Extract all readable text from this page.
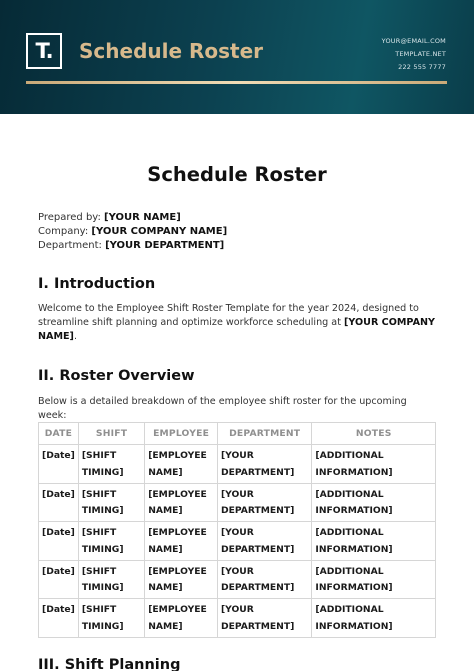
T. Schedule Roster	YOUR@EMAIL.COM
TEMPLATE.NET
222 555 7777
Schedule Roster
Prepared by: [YOUR NAME]
Company: [YOUR COMPANY NAME]
Department: [YOUR DEPARTMENT]
I. Introduction
Welcome to the Employee Shift Roster Template for the year 2024, designed to streamline shift planning and optimize workforce scheduling at [YOUR COMPANY NAME].
II. Roster Overview
Below is a detailed breakdown of the employee shift roster for the upcoming week:
DATE	SHIFT	EMPLOYEE	DEPARTMENT	NOTES
[Date]	[SHIFT TIMING]	[EMPLOYEE NAME]	[YOUR DEPARTMENT]	[ADDITIONAL INFORMATION]
[Date]	[SHIFT TIMING]	[EMPLOYEE NAME]	[YOUR DEPARTMENT]	[ADDITIONAL INFORMATION]
[Date]	[SHIFT TIMING]	[EMPLOYEE NAME]	[YOUR DEPARTMENT]	[ADDITIONAL INFORMATION]
[Date]	[SHIFT TIMING]	[EMPLOYEE NAME]	[YOUR DEPARTMENT]	[ADDITIONAL INFORMATION]
[Date]	[SHIFT TIMING]	[EMPLOYEE NAME]	[YOUR DEPARTMENT]	[ADDITIONAL INFORMATION]
III. Shift Planning
